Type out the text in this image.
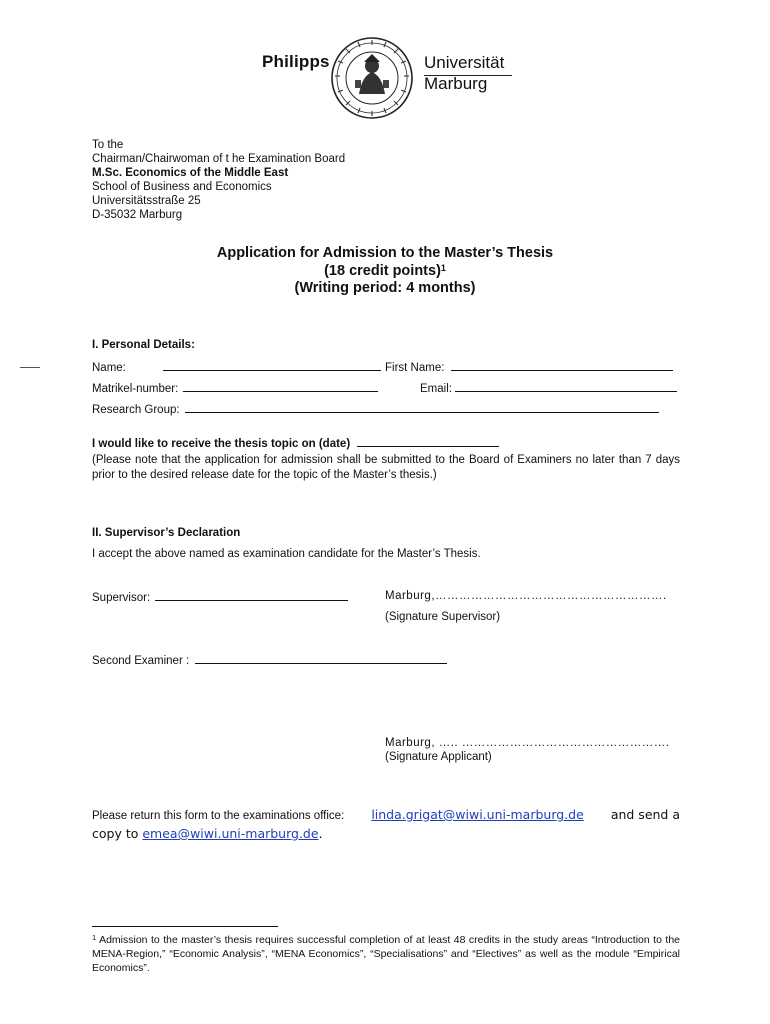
Philipps	Universität
Marburg
To the
Chairman/Chairwoman of t he Examination Board
M.Sc. Economics of the Middle East
School of Business and Economics
Universitätsstraße 25
D-35032 Marburg
Application for Admission to the Master’s Thesis
(18 credit points)$^1$
(Writing period: 4 months)
I. Personal Details:
Name:	First Name:
Matrikel-number:	Email:
Research Group:
I would like to receive the thesis topic on (date)
(Please note that the application for admission shall be submitted to the Board of Examiners no later than 7 days prior to the desired release date for the topic of the Master’s thesis.)
II. Supervisor’s Declaration
I accept the above named as examination candidate for the Master’s Thesis.
Supervisor:	Marburg,………………………………………………….
(Signature Supervisor)
Second Examiner :
Marburg, ….. …………………………………………….
(Signature Applicant)
Please return this form to the examinations office: linda.grigat@wiwi.uni-marburg.de and send a
copy to emea@wiwi.uni-marburg.de.
$^1$ Admission to the master’s thesis requires successful completion of at least 48 credits in the study areas “Introduction to the MENA-Region,” “Economic Analysis”, “MENA Economics”, “Specialisations” and “Electives” as well as the module “Empirical Economics”.
